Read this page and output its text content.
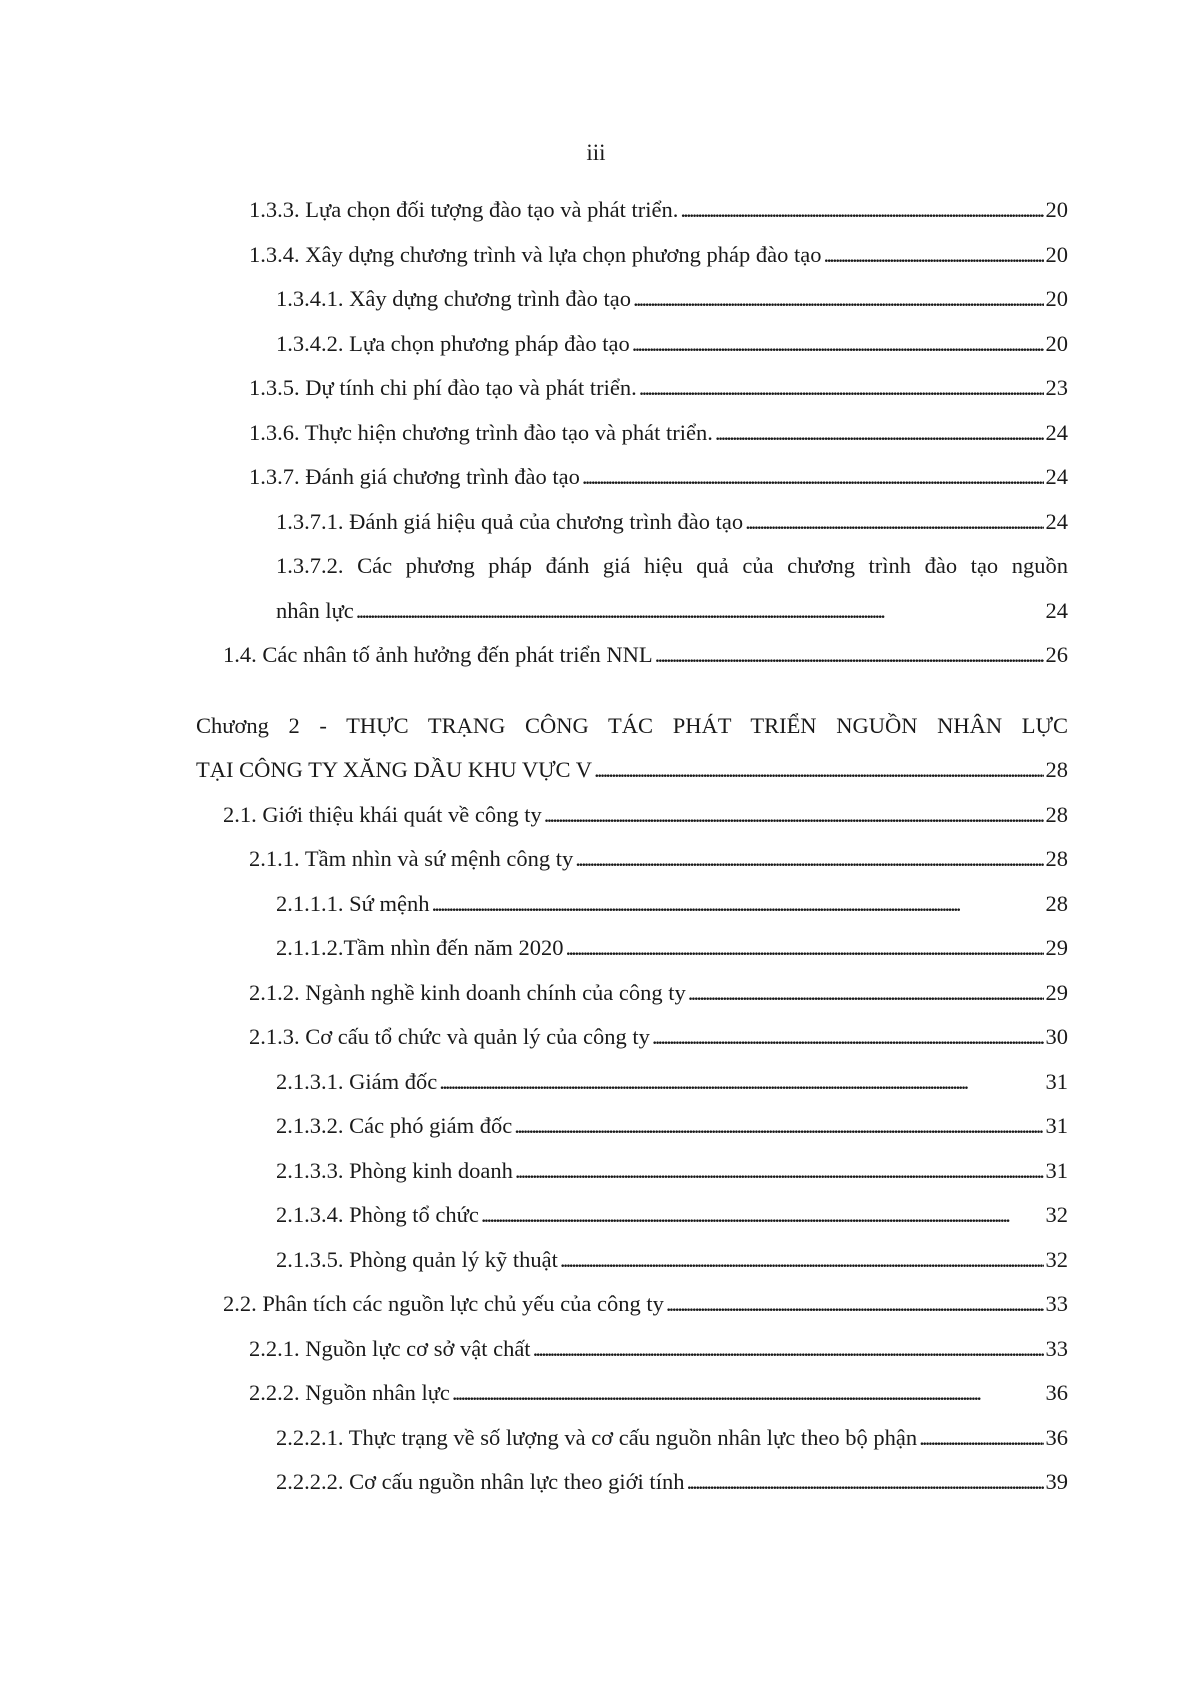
iii
1.3.3. Lựa chọn đối tượng đào tạo và phát triển. . . .	20
1.3.4. Xây dựng chương trình và lựa chọn phương pháp đào tạo . . .	20
1.3.4.1. Xây dựng chương trình đào tạo . . .	20
1.3.4.2. Lựa chọn phương pháp đào tạo . . .	20
1.3.5. Dự tính chi phí đào tạo và phát triển. . . .	23
1.3.6. Thực hiện chương trình đào tạo và phát triển. . . .	24
1.3.7. Đánh giá chương trình đào tạo . . .	24
1.3.7.1. Đánh giá hiệu quả của chương trình đào tạo . . .	24
1.3.7.2. Các phương pháp đánh giá hiệu quả của chương trình đào tạo nguồn
nhân lực . . .	24
1.4. Các nhân tố ảnh hưởng đến phát triển NNL . . .	26
Chương 2 - THỰC TRẠNG CÔNG TÁC PHÁT TRIỂN NGUỒN NHÂN LỰC
TẠI CÔNG TY XĂNG DẦU KHU VỰC V . . .	28
2.1. Giới thiệu khái quát về công ty . . .	28
2.1.1. Tầm nhìn và sứ mệnh công ty . . .	28
2.1.1.1. Sứ mệnh . . .	28
2.1.1.2.Tầm nhìn đến năm 2020 . . .	29
2.1.2. Ngành nghề kinh doanh chính của công ty . . .	29
2.1.3. Cơ cấu tổ chức và quản lý của công ty . . .	30
2.1.3.1. Giám đốc . . .	31
2.1.3.2. Các phó giám đốc . . .	31
2.1.3.3. Phòng kinh doanh . . .	31
2.1.3.4. Phòng tổ chức . . .	32
2.1.3.5. Phòng quản lý kỹ thuật . . .	32
2.2. Phân tích các nguồn lực chủ yếu của công ty . . .	33
2.2.1. Nguồn lực cơ sở vật chất . . .	33
2.2.2. Nguồn nhân lực . . .	36
2.2.2.1. Thực trạng về số lượng và cơ cấu nguồn nhân lực theo bộ phận . . .	36
2.2.2.2. Cơ cấu nguồn nhân lực theo giới tính . . .	39
